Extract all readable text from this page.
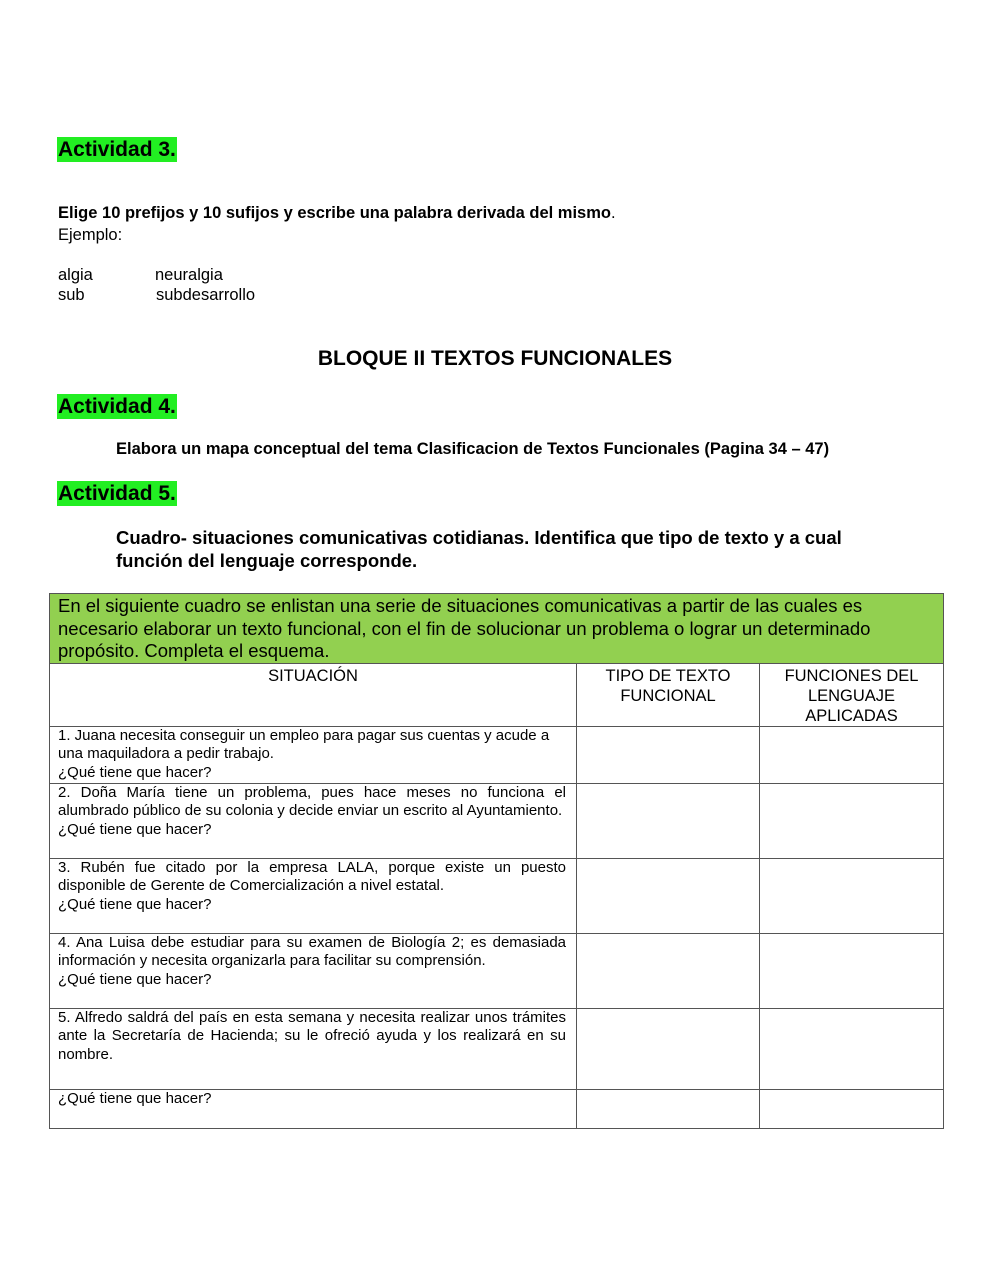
Actividad 3.
Elige 10 prefijos y 10 sufijos y escribe una palabra derivada del mismo.
Ejemplo:
algia	neuralgia
sub	subdesarrollo
BLOQUE II TEXTOS FUNCIONALES
Actividad 4.
Elabora un mapa conceptual del tema Clasificacion de Textos Funcionales (Pagina 34 – 47)
Actividad 5.
Cuadro- situaciones comunicativas cotidianas. Identifica que tipo de texto y a cual función del lenguaje corresponde.
En el siguiente cuadro se enlistan una serie de situaciones comunicativas a partir de las cuales es necesario elaborar un texto funcional, con el fin de solucionar un problema o lograr un determinado propósito. Completa el esquema.		
SITUACIÓN	TIPO DE TEXTO FUNCIONAL	FUNCIONES DEL LENGUAJE APLICADAS

1. Juana necesita conseguir un empleo para pagar sus cuentas y acude a una maquiladora a pedir trabajo.
¿Qué tiene que hacer?		

2. Doña María tiene un problema, pues hace meses no funciona el alumbrado público de su colonia y decide enviar un escrito al Ayuntamiento.
¿Qué tiene que hacer?		

3. Rubén fue citado por la empresa LALA, porque existe un puesto disponible de Gerente de Comercialización a nivel estatal.
¿Qué tiene que hacer?		

4. Ana Luisa debe estudiar para su examen de Biología 2; es demasiada información y necesita organizarla para facilitar su comprensión.
¿Qué tiene que hacer?		

5. Alfredo saldrá del país en esta semana y necesita realizar unos trámites ante la Secretaría de Hacienda; su le ofreció ayuda y los realizará en su nombre.		

¿Qué tiene que hacer?		
